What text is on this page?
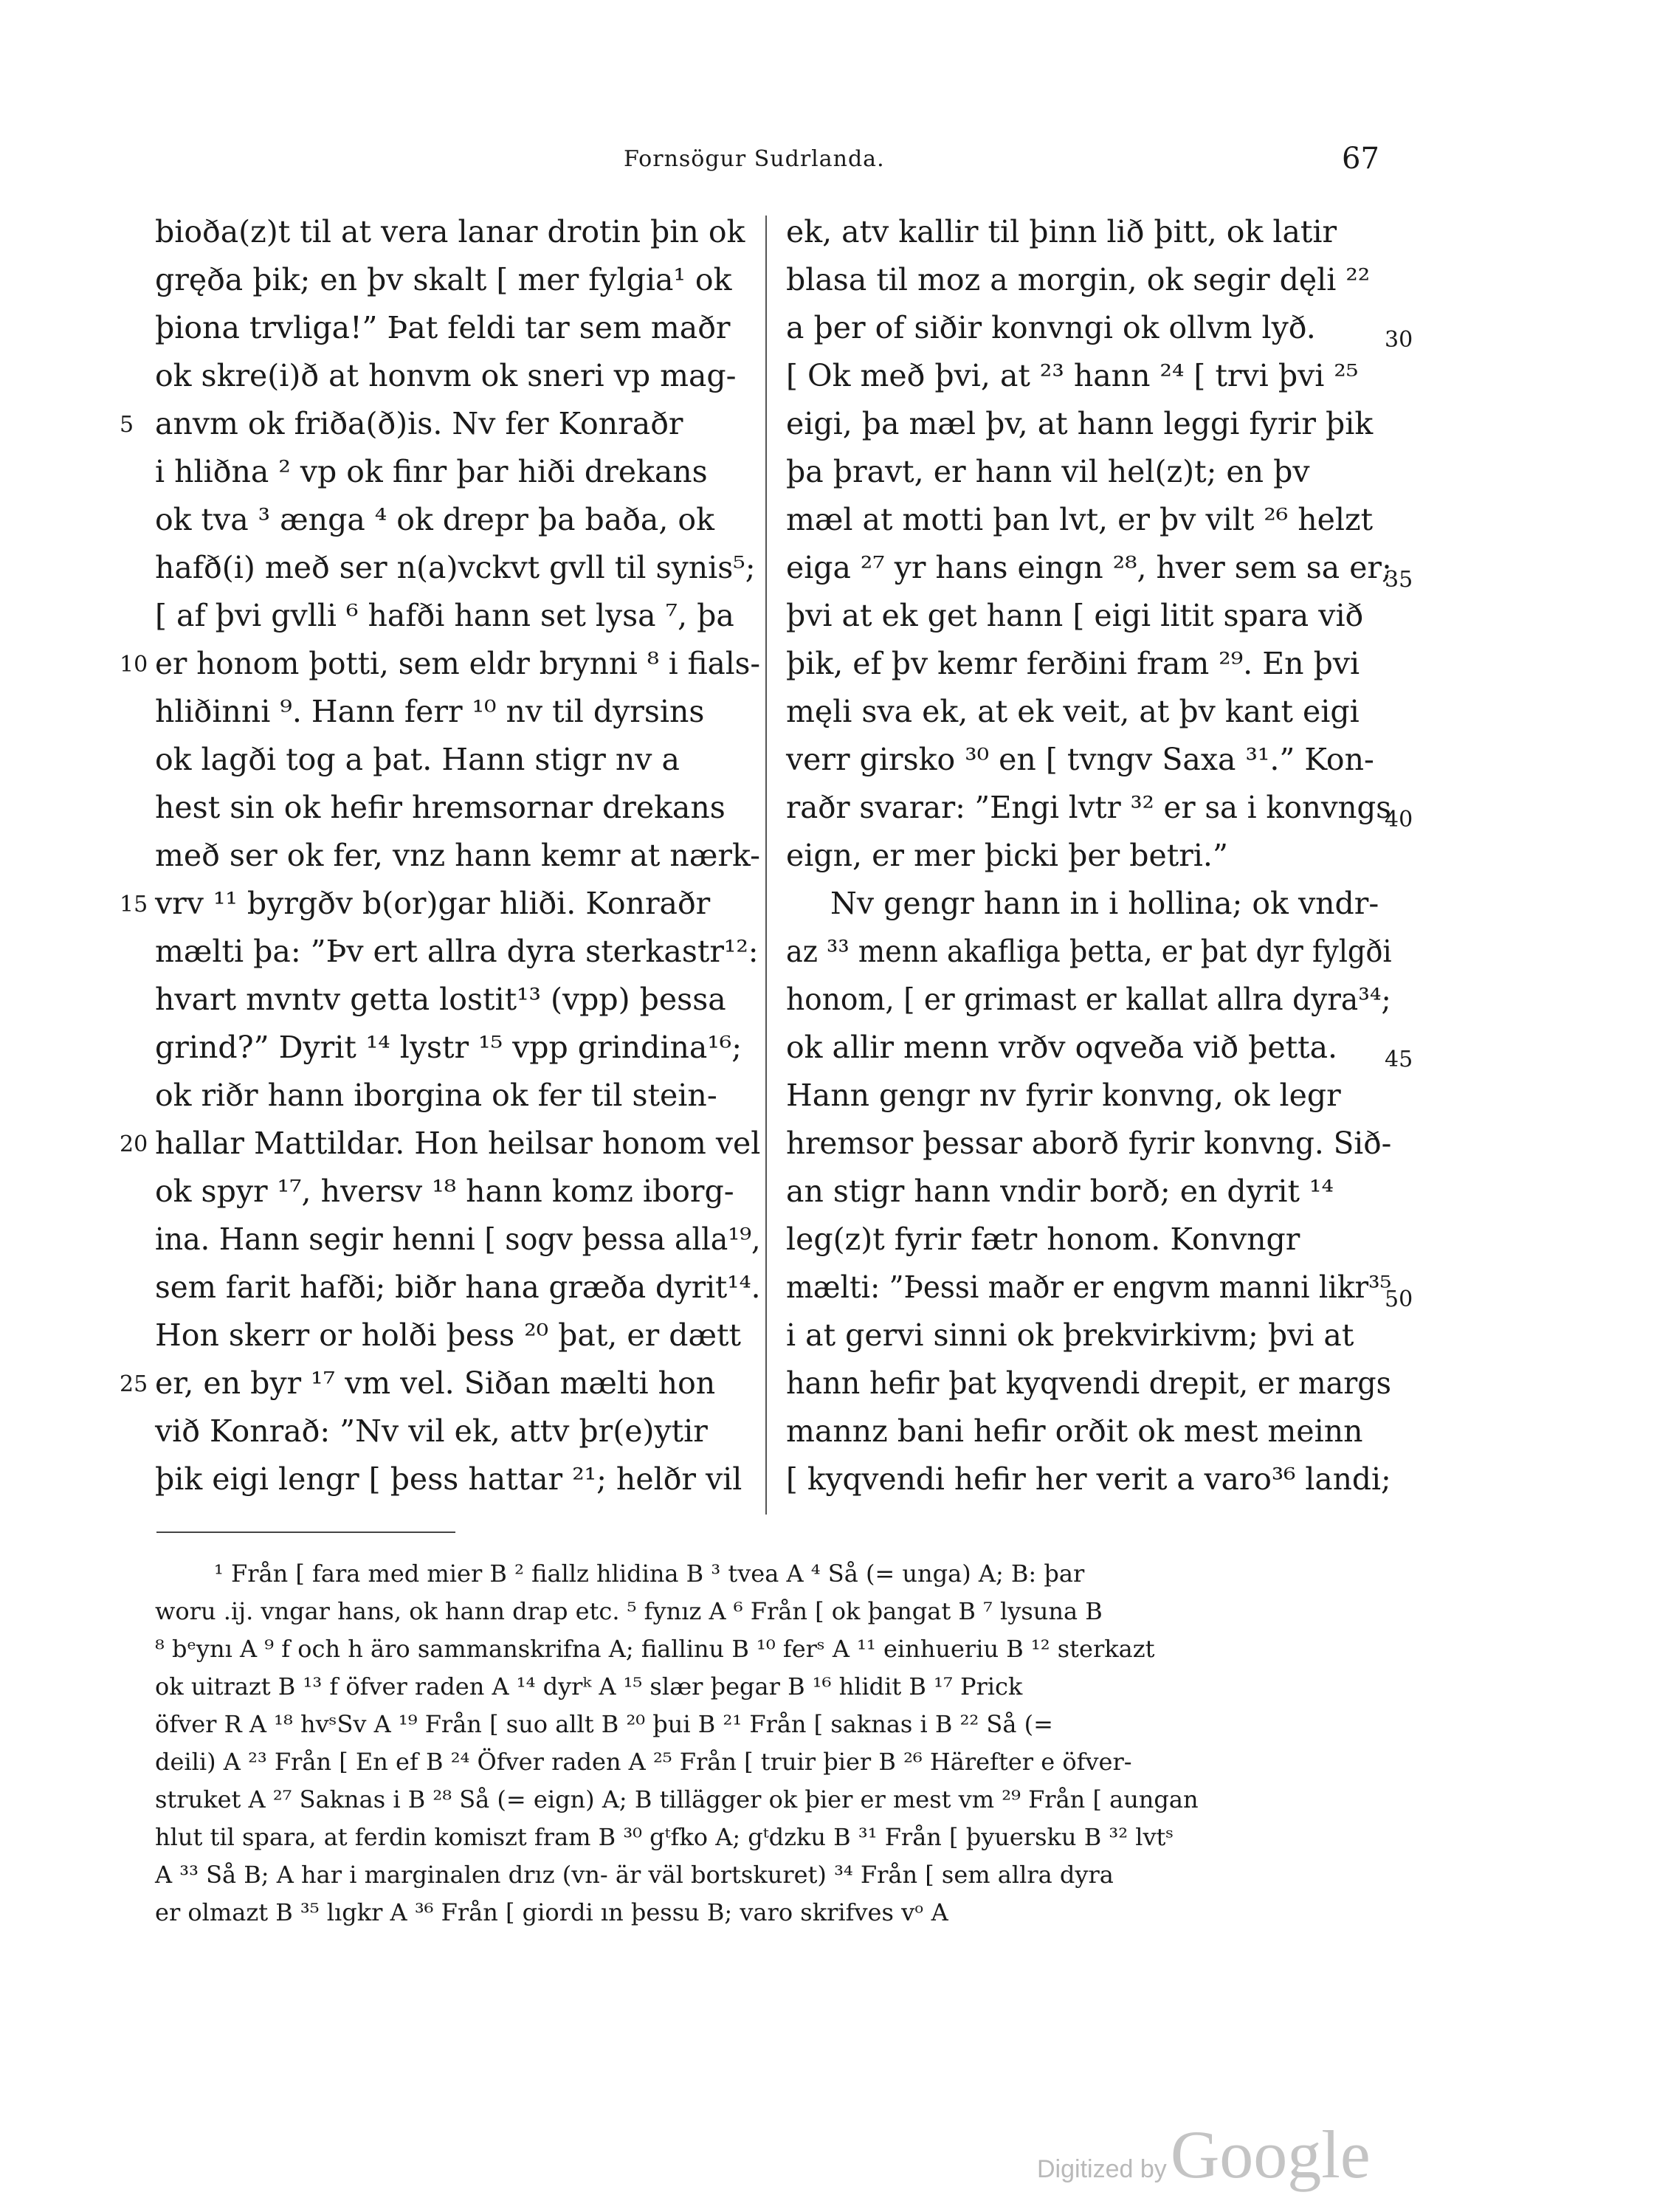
Fornsögur Sudrlanda.	67
bioða(z)t til at vera lanar drotin þin ok
gręða þik; en þv skalt [ mer fylgia¹ ok
þiona trvliga!” Þat feldi tar sem maðr
ok skre(i)ð at honvm ok sneri vp mag-
anvm ok friða(ð)is. Nv fer Konraðr
i hliðna ² vp ok finr þar hiði drekans
ok tva ³ ænga ⁴ ok drepr þa baða, ok
hafð(i) með ser n(a)vckvt gvll til synis⁵;
[ af þvi gvlli ⁶ hafði hann set lysa ⁷, þa
er honom þotti, sem eldr brynni ⁸ i fials-
hliðinni ⁹. Hann ferr ¹⁰ nv til dyrsins
ok lagði tog a þat. Hann stigr nv a
hest sin ok hefir hremsornar drekans
með ser ok fer, vnz hann kemr at nærk-
vrv ¹¹ byrgðv b(or)gar hliði. Konraðr
mælti þa: ”Þv ert allra dyra sterkastr¹²:
hvart mvntv getta lostit¹³ (vpp) þessa
grind?” Dyrit ¹⁴ lystr ¹⁵ vpp grindina¹⁶;
ok riðr hann iborgina ok fer til stein-
hallar Mattildar. Hon heilsar honom vel
ok spyr ¹⁷, hversv ¹⁸ hann komz iborg-
ina. Hann segir henni [ sogv þessa alla¹⁹,
sem farit hafði; biðr hana græða dyrit¹⁴.
Hon skerr or holði þess ²⁰ þat, er dætt
er, en byr ¹⁷ vm vel. Siðan mælti hon
við Konrað: ”Nv vil ek, attv þr(e)ytir
þik eigi lengr [ þess hattar ²¹; helðr vil
ek, atv kallir til þinn lið þitt, ok latir
blasa til moz a morgin, ok segir dęli ²²
a þer of siðir konvngi ok ollvm lyð.
[ Ok með þvi, at ²³ hann ²⁴ [ trvi þvi ²⁵
eigi, þa mæl þv, at hann leggi fyrir þik
þa þravt, er hann vil hel(z)t; en þv
mæl at motti þan lvt, er þv vilt ²⁶ helzt
eiga ²⁷ yr hans eingn ²⁸, hver sem sa er;
þvi at ek get hann [ eigi litit spara við
þik, ef þv kemr ferðini fram ²⁹. En þvi
męli sva ek, at ek veit, at þv kant eigi
verr girsko ³⁰ en [ tvngv Saxa ³¹.” Kon-
raðr svarar: ”Engi lvtr ³² er sa i konvngs
eign, er mer þicki þer betri.”
Nv gengr hann in i hollina; ok vndr-
az ³³ menn akafliga þetta, er þat dyr fylgði
honom, [ er grimast er kallat allra dyra³⁴;
ok allir menn vrðv oqveða við þetta.
Hann gengr nv fyrir konvng, ok legr
hremsor þessar aborð fyrir konvng. Sið-
an stigr hann vndir borð; en dyrit ¹⁴
leg(z)t fyrir fætr honom. Konvngr
mælti: ”Þessi maðr er engvm manni likr³⁵
i at gervi sinni ok þrekvirkivm; þvi at
hann hefir þat kyqvendi drepit, er margs
mannz bani hefir orðit ok mest meinn
[ kyqvendi hefir her verit a varo³⁶ landi;
5
10
15
20
25
30
35
40
45
50
¹ Från [ fara med mier B ² fiallz hlidina B ³ tvea A ⁴ Så (= unga) A; B: þar
woru .ij. vngar hans, ok hann drap etc. ⁵ fynız A ⁶ Från [ ok þangat B ⁷ lysuna B
⁸ bᵉynı A ⁹ f och h äro sammanskrifna A; fiallinu B ¹⁰ ferˢ A ¹¹ einhueriu B ¹² sterkazt
ok uitrazt B ¹³ f öfver raden A ¹⁴ dyrᵏ A ¹⁵ slær þegar B ¹⁶ hlidit B ¹⁷ Prick
öfver R A ¹⁸ hvˢSv A ¹⁹ Från [ suo allt B ²⁰ þui B ²¹ Från [ saknas i B ²² Så (=
deili) A ²³ Från [ En ef B ²⁴ Öfver raden A ²⁵ Från [ truir þier B ²⁶ Härefter e öfver-
struket A ²⁷ Saknas i B ²⁸ Så (= eign) A; B tillägger ok þier er mest vm ²⁹ Från [ aungan
hlut til spara, at ferdin komiszt fram B ³⁰ gᵗfko A; gᵗdzku B ³¹ Från [ þyuersku B ³² lvtˢ
A ³³ Så B; A har i marginalen drız (vn- är väl bortskuret) ³⁴ Från [ sem allra dyra
er olmazt B ³⁵ lıgkr A ³⁶ Från [ giordi ın þessu B; varo skrifves vᵒ A
Digitized by Google
